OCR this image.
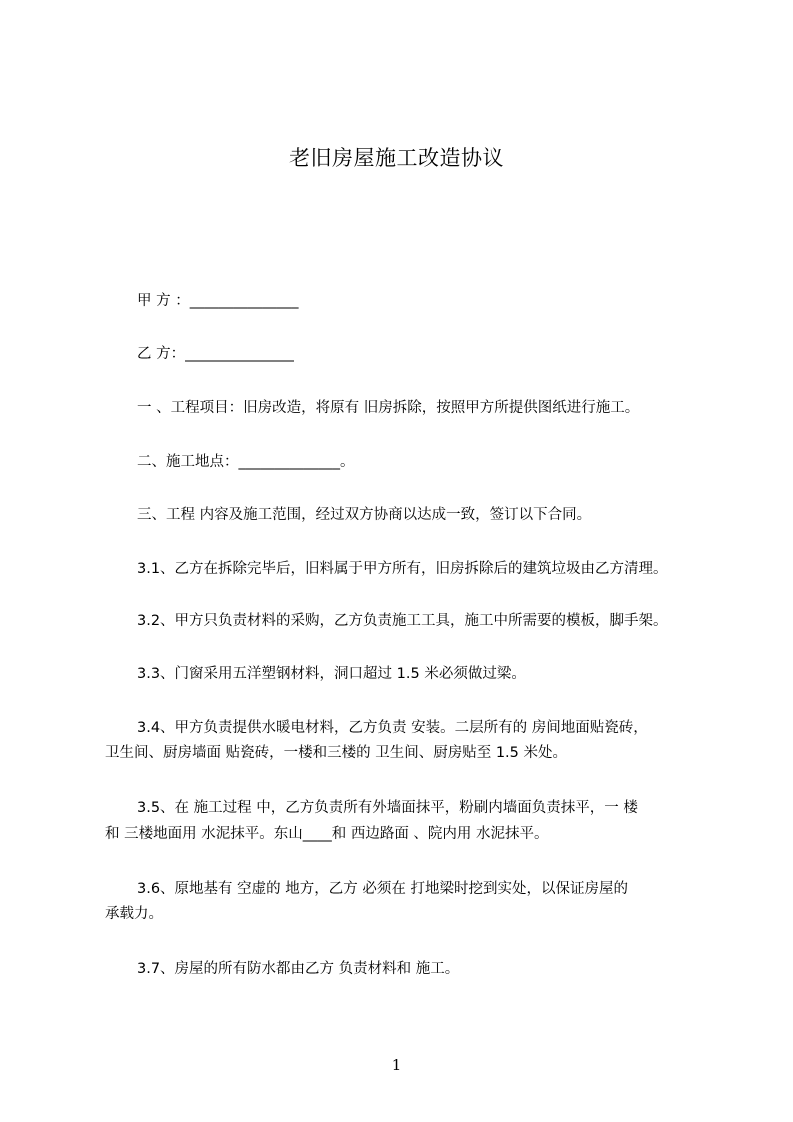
老旧房屋施工改造协议
甲 方 ：_______________
乙 方：_______________
一 、工程项目：旧房改造，将原有 旧房拆除，按照甲方所提供图纸进行施工。
二、施工地点：______________。
三、工程 内容及施工范围，经过双方协商以达成一致，签订以下合同。
3.1、乙方在拆除完毕后，旧料属于甲方所有，旧房拆除后的建筑垃圾由乙方清理。
3.2、甲方只负责材料的采购，乙方负责施工工具，施工中所需要的模板，脚手架。
3.3、门窗采用五洋塑钢材料，洞口超过 1.5 米必须做过梁。
3.4、甲方负责提供水暖电材料，乙方负责 安装。二层所有的 房间地面贴瓷砖，
卫生间、厨房墙面 贴瓷砖，一楼和三楼的 卫生间、厨房贴至 1.5 米处。
3.5、在 施工过程 中，乙方负责所有外墙面抹平，粉刷内墙面负责抹平，一 楼
和 三楼地面用 水泥抹平。东山____和 西边路面 、院内用 水泥抹平。
3.6、原地基有 空虚的 地方，乙方 必须在 打地梁时挖到实处，以保证房屋的
承载力。
3.7、房屋的所有防水都由乙方 负责材料和 施工。
1
